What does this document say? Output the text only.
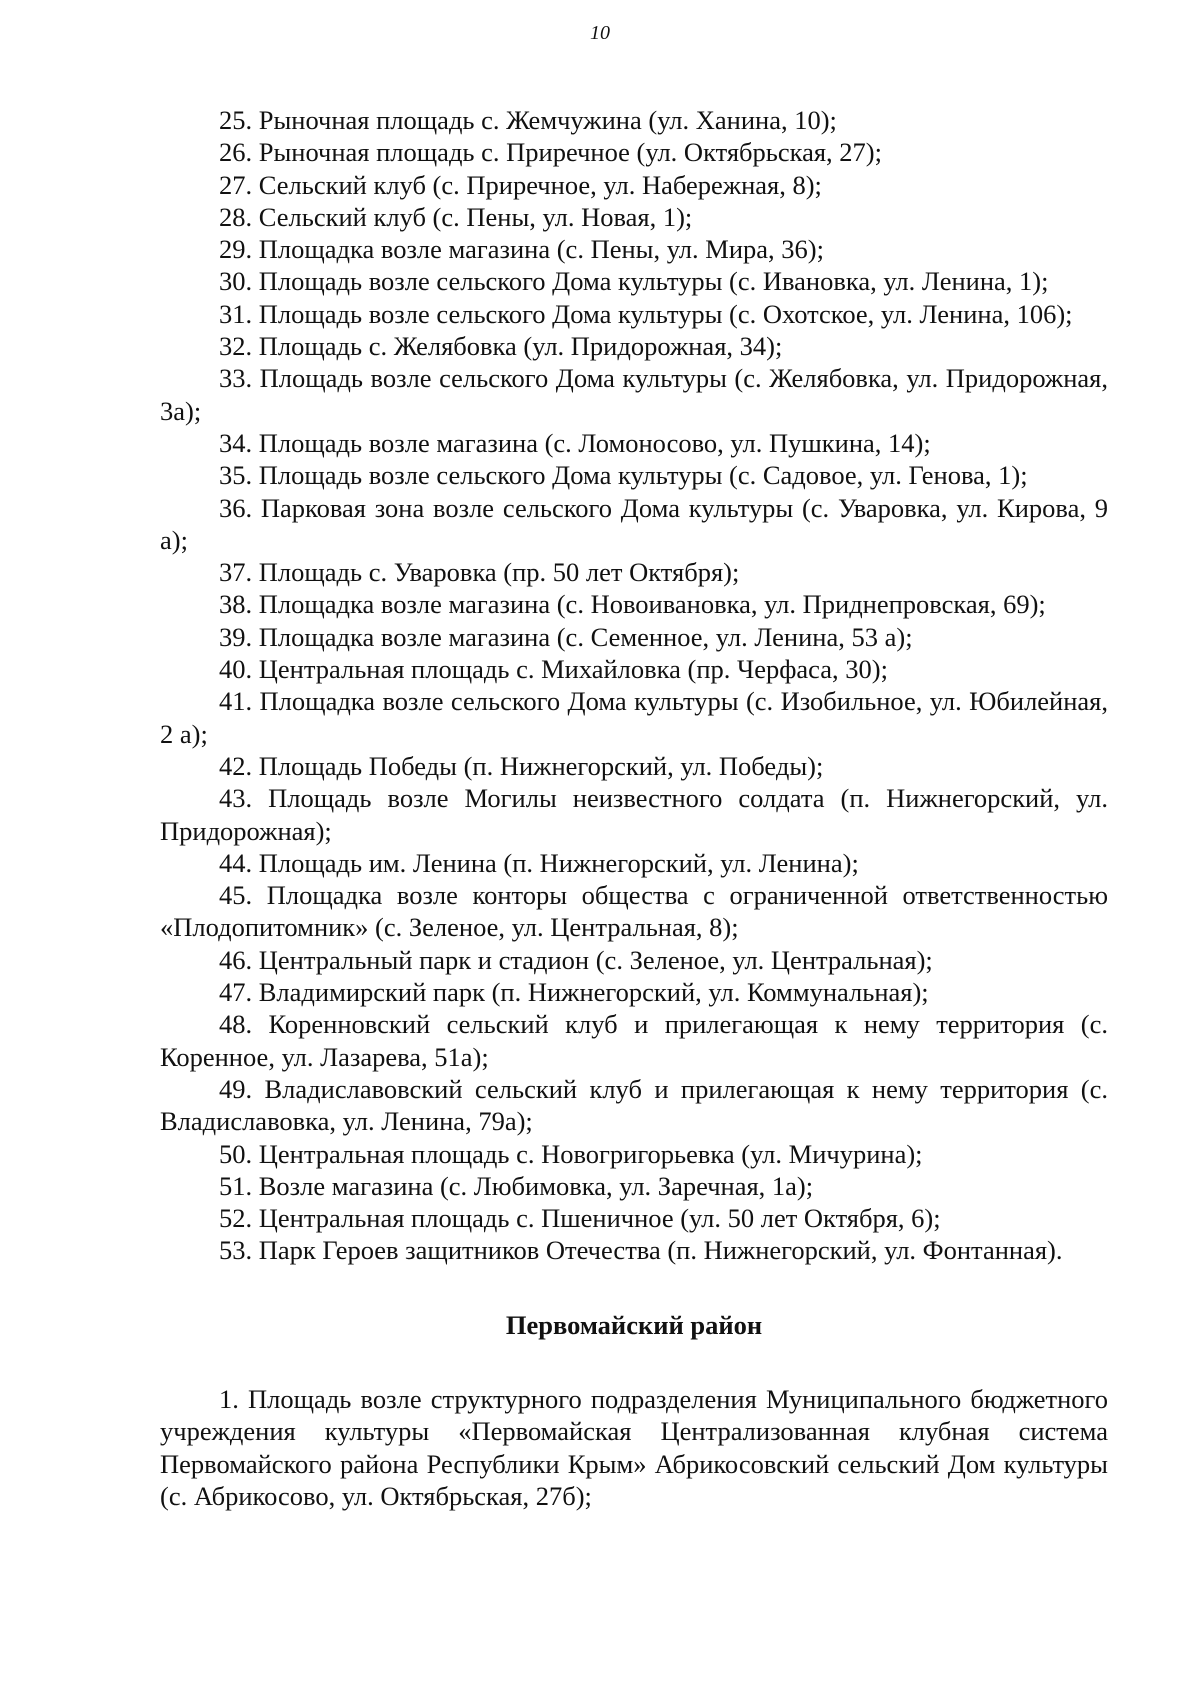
10

25. Рыночная площадь с. Жемчужина (ул. Ханина, 10);

26. Рыночная площадь с. Приречное (ул. Октябрьская, 27);

27. Сельский клуб (с. Приречное, ул. Набережная, 8);

28. Сельский клуб (с. Пены, ул. Новая, 1);

29. Площадка возле магазина (с. Пены, ул. Мира, 36);

30. Площадь возле сельского Дома культуры (с. Ивановка, ул. Ленина, 1);

31. Площадь возле сельского Дома культуры (с. Охотское, ул. Ленина, 106);

32. Площадь с. Желябовка (ул. Придорожная, 34);

33. Площадь возле сельского Дома культуры (с. Желябовка, ул. Придорожная, 3а);

34. Площадь возле магазина (с. Ломоносово, ул. Пушкина, 14);

35. Площадь возле сельского Дома культуры (с. Садовое, ул. Генова, 1);

36. Парковая зона возле сельского Дома культуры (с. Уваровка, ул. Кирова, 9 а);

37. Площадь с. Уваровка (пр. 50 лет Октября);

38. Площадка возле магазина (с. Новоивановка, ул. Приднепровская, 69);

39. Площадка возле магазина (с. Семенное, ул. Ленина, 53 а);

40. Центральная площадь с. Михайловка (пр. Черфаса, 30);

41. Площадка возле сельского Дома культуры (с. Изобильное, ул. Юбилейная, 2 а);

42. Площадь Победы (п. Нижнегорский, ул. Победы);

43. Площадь возле Могилы неизвестного солдата (п. Нижнегорский, ул. Придорожная);

44. Площадь им. Ленина (п. Нижнегорский, ул. Ленина);

45. Площадка возле конторы общества с ограниченной ответственностью «Плодопитомник» (с. Зеленое, ул. Центральная, 8);

46. Центральный парк и стадион (с. Зеленое, ул. Центральная);

47. Владимирский парк (п. Нижнегорский, ул. Коммунальная);

48. Коренновский сельский клуб и прилегающая к нему территория (с. Коренное, ул. Лазарева, 51а);

49. Владиславовский сельский клуб и прилегающая к нему территория (с. Владиславовка, ул. Ленина, 79а);

50. Центральная площадь с. Новогригорьевка (ул. Мичурина);

51. Возле магазина (с. Любимовка, ул. Заречная, 1а);

52. Центральная площадь с. Пшеничное (ул. 50 лет Октября, 6);

53. Парк Героев защитников Отечества (п. Нижнегорский, ул. Фонтанная).

Первомайский район

1. Площадь возле структурного подразделения Муниципального бюджетного учреждения культуры «Первомайская Централизованная клубная система Первомайского района Республики Крым» Абрикосовский сельский Дом культуры (с. Абрикосово, ул. Октябрьская, 27б);
